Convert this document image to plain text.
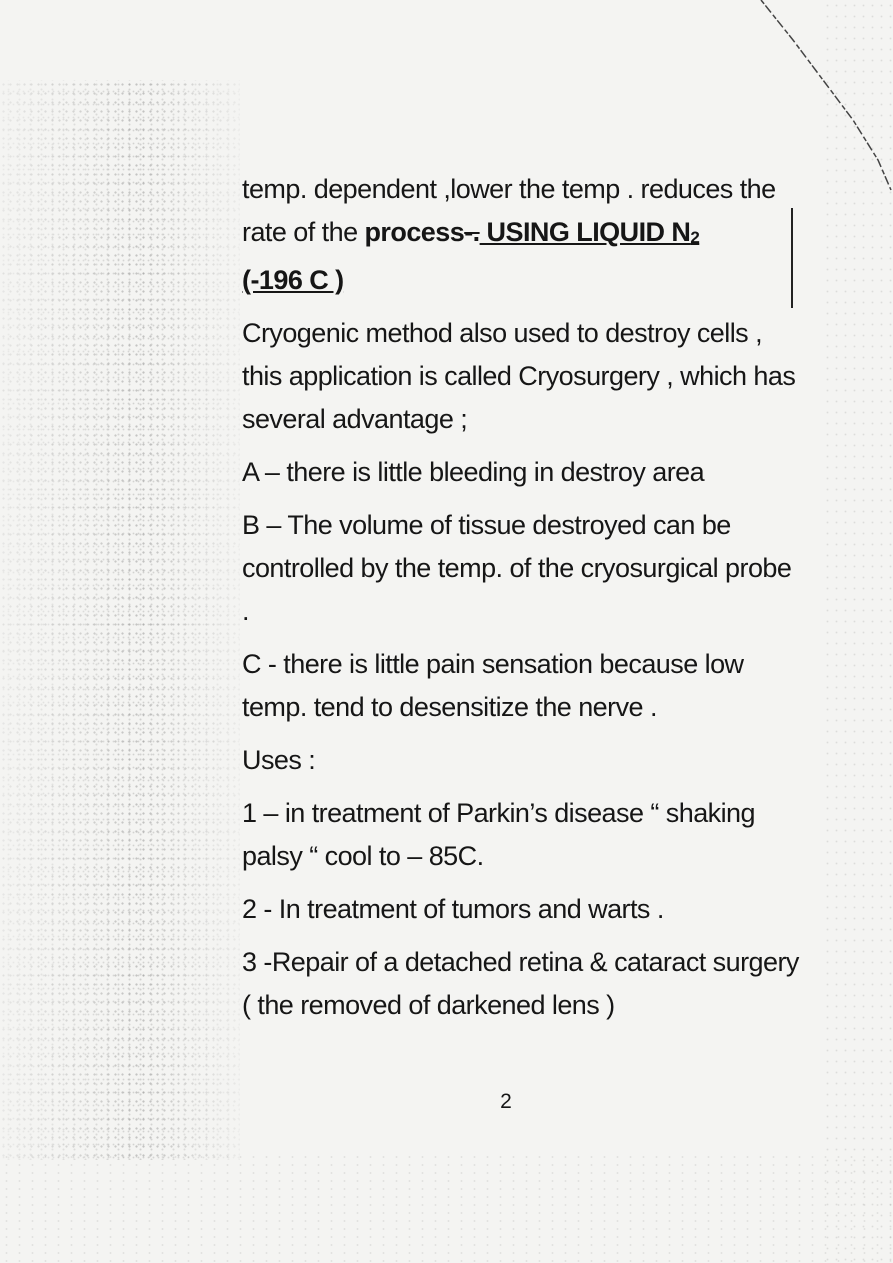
temp. dependent ,lower the temp . reduces the rate of the process-. USING LIQUID $N_2$
(-196 C )

Cryogenic method also used to destroy cells , this application is called Cryosurgery , which has several advantage ;

A – there is little bleeding in destroy area

B – The volume of tissue destroyed can be controlled by the temp. of the cryosurgical probe .

C - there is little pain sensation because low temp. tend to desensitize the nerve .

Uses :

1 – in treatment of Parkin’s disease “ shaking palsy “ cool to – 85C.

2 - In treatment of tumors and warts .

3 -Repair of a detached retina & cataract surgery ( the removed of darkened lens )

2
